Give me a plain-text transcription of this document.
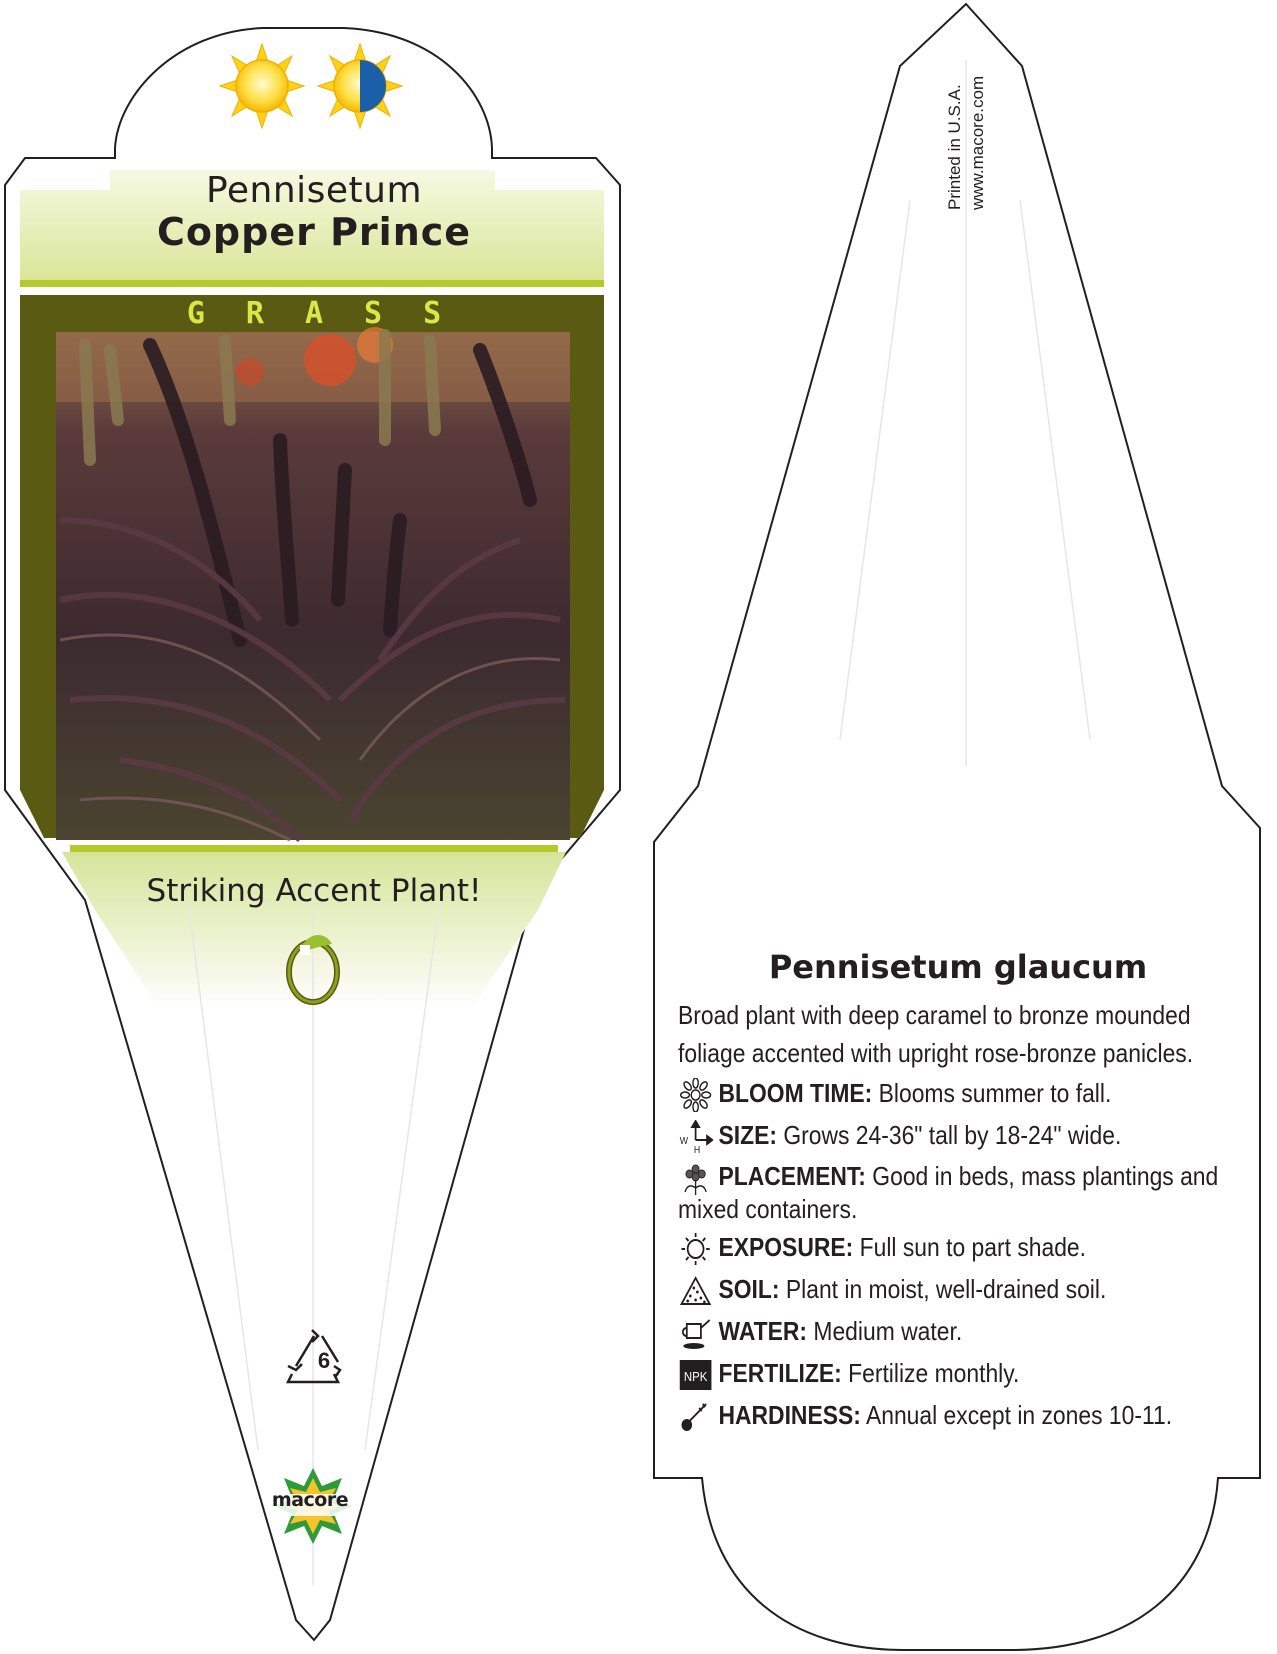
Pennisetum
Copper Prince
GRASS
Striking Accent Plant!
6
macore
Printed in U.S.A. www.macore.com
Pennisetum glaucum
Broad plant with deep caramel to bronze mounded foliage accented with upright rose-bronze panicles.
BLOOM TIME: Blooms summer to fall.
W
H SIZE: Grows 24-36" tall by 18-24" wide.
PLACEMENT: Good in beds, mass plantings and
mixed containers.
EXPOSURE: Full sun to part shade.
SOIL: Plant in moist, well-drained soil.
WATER: Medium water.
NPK FERTILIZE: Fertilize monthly.
HARDINESS: Annual except in zones 10-11.
